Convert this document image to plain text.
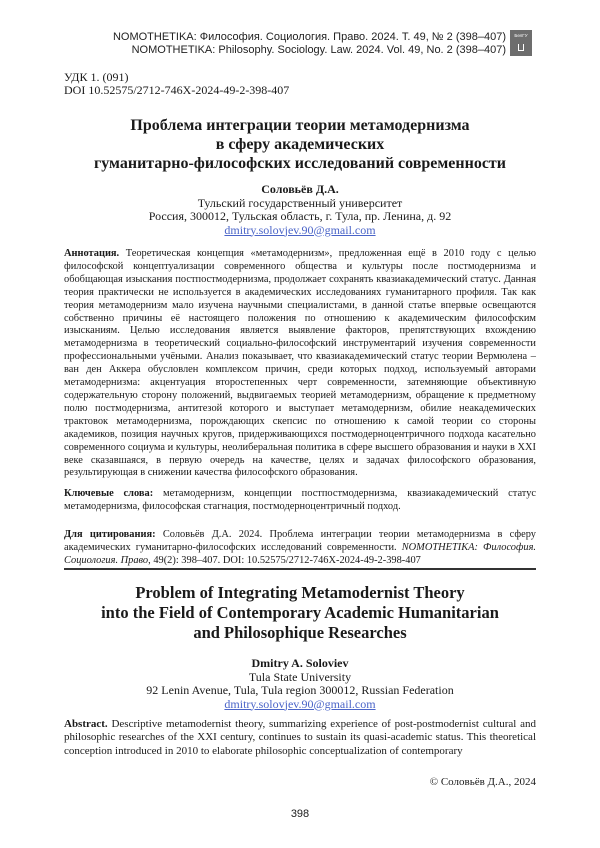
NOMOTHETIKA: Философия. Социология. Право. 2024. Т. 49, № 2 (398–407)
NOMOTHETIKA: Philosophy. Sociology. Law. 2024. Vol. 49, No. 2 (398–407)
БелГУ
УДК 1. (091)
DOI 10.52575/2712-746X-2024-49-2-398-407
Проблема интеграции теории метамодернизма
в сферу академических
гуманитарно-философских исследований современности
Соловьёв Д.А.
Тульский государственный университет
Россия, 300012, Тульская область, г. Тула, пр. Ленина, д. 92
dmitry.solovjev.90@gmail.com
Аннотация. Теоретическая концепция «метамодернизм», предложенная ещё в 2010 году с целью философской концептуализации современного общества и культуры после постмодернизма и обобщающая изыскания постпостмодернизма, продолжает сохранять квазиакадемический статус. Данная теория практически не используется в академических исследованиях гуманитарного профиля. Так как теория метамодернизм мало изучена научными специалистами, в данной статье впервые освещаются собственно причины её настоящего положения по отношению к академическим философским изысканиям. Целью исследования является выявление факторов, препятствующих вхождению метамодернизма в теоретический социально-философский инструментарий изучения современности профессиональными учёными. Анализ показывает, что квазиакадемический статус теории Вермюлена – ван ден Аккера обусловлен комплексом причин, среди которых подход, используемый авторами метамодернизма: акцентуация второстепенных черт современности, затемняющие объективную содержательную сторону положений, выдвигаемых теорией метамодернизм, обращение к предметному полю постмодернизма, антитезой которого и выступает метамодернизм, обилие неакадемических трактовок метамодернизма, порождающих скепсис по отношению к самой теории со стороны академиков, позиция научных кругов, придерживающихся постмодерноцентричного подхода касательно современного социума и культуры, неолиберальная политика в сфере высшего образования и науки в XXI веке сказавшаяся, в первую очередь на качестве, целях и задачах философского образования, результирующая в снижении качества философского образования.
Ключевые слова: метамодернизм, концепции постпостмодернизма, квазиакадемический статус метамодернизма, философская стагнация, постмодерноцентричный подход.
Для цитирования: Соловьёв Д.А. 2024. Проблема интеграции теории метамодернизма в сферу академических гуманитарно-философских исследований современности. NOMOTHETIKA: Философия. Социология. Право, 49(2): 398–407. DOI: 10.52575/2712-746X-2024-49-2-398-407
Problem of Integrating Metamodernist Theory
into the Field of Contemporary Academic Humanitarian
and Philosophique Researches
Dmitry A. Soloviev
Tula State University
92 Lenin Avenue, Tula, Tula region 300012, Russian Federation
dmitry.solovjev.90@gmail.com
Abstract. Descriptive metamodernist theory, summarizing experience of post-postmodernist cultural and philosophic researches of the XXI century, continues to sustain its quasi-academic status. This theoretical conception introduced in 2010 to elaborate philosophic conceptualization of contemporary
© Соловьёв Д.А., 2024
398
